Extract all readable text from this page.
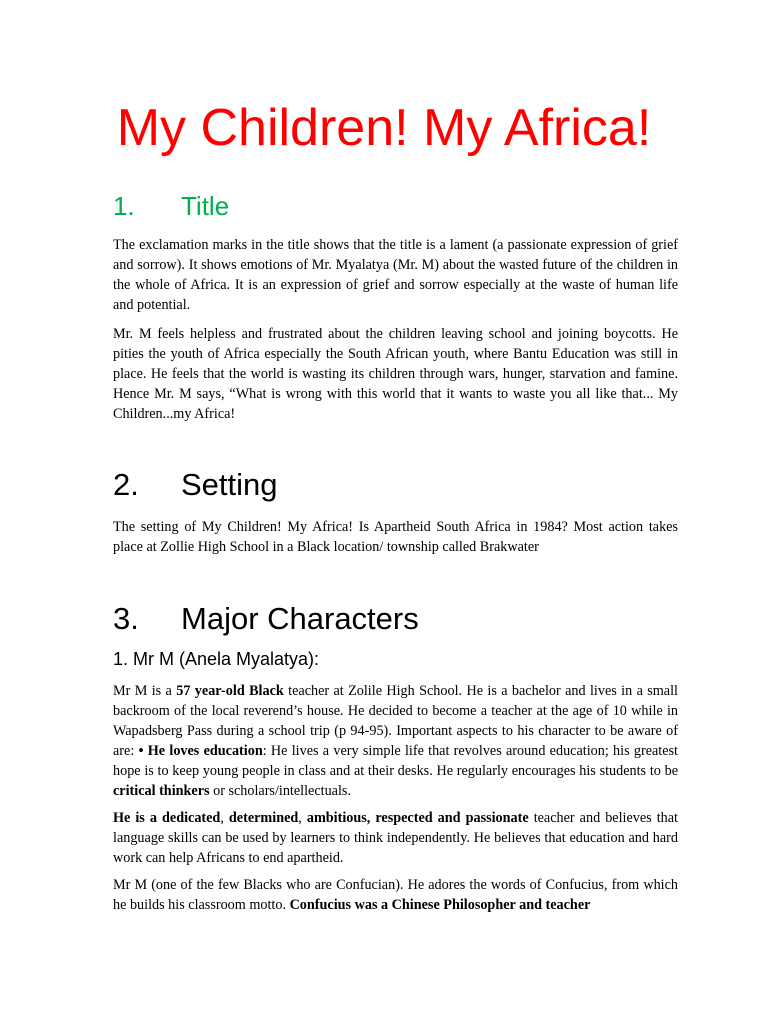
My Children! My Africa!
1. Title

The exclamation marks in the title shows that the title is a lament (a passionate expression of grief and sorrow). It shows emotions of Mr. Myalatya (Mr. M) about the wasted future of the children in the whole of Africa. It is an expression of grief and sorrow especially at the waste of human life and potential.

Mr. M feels helpless and frustrated about the children leaving school and joining boycotts. He pities the youth of Africa especially the South African youth, where Bantu Education was still in place. He feels that the world is wasting its children through wars, hunger, starvation and famine. Hence Mr. M says, “What is wrong with this world that it wants to waste you all like that... My Children...my Africa!

2. Setting

The setting of My Children! My Africa! Is Apartheid South Africa in 1984? Most action takes place at Zollie High School in a Black location/ township called Brakwater

3. Major Characters
1. Mr M (Anela Myalatya):

Mr M is a 57 year-old Black teacher at Zolile High School. He is a bachelor and lives in a small backroom of the local reverend’s house. He decided to become a teacher at the age of 10 while in Wapadsberg Pass during a school trip (p 94-95). Important aspects to his character to be aware of are: • He loves education: He lives a very simple life that revolves around education; his greatest hope is to keep young people in class and at their desks. He regularly encourages his students to be critical thinkers or scholars/intellectuals.

He is a dedicated, determined, ambitious, respected and passionate teacher and believes that language skills can be used by learners to think independently. He believes that education and hard work can help Africans to end apartheid.

Mr M (one of the few Blacks who are Confucian). He adores the words of Confucius, from which he builds his classroom motto. Confucius was a Chinese Philosopher and teacher
